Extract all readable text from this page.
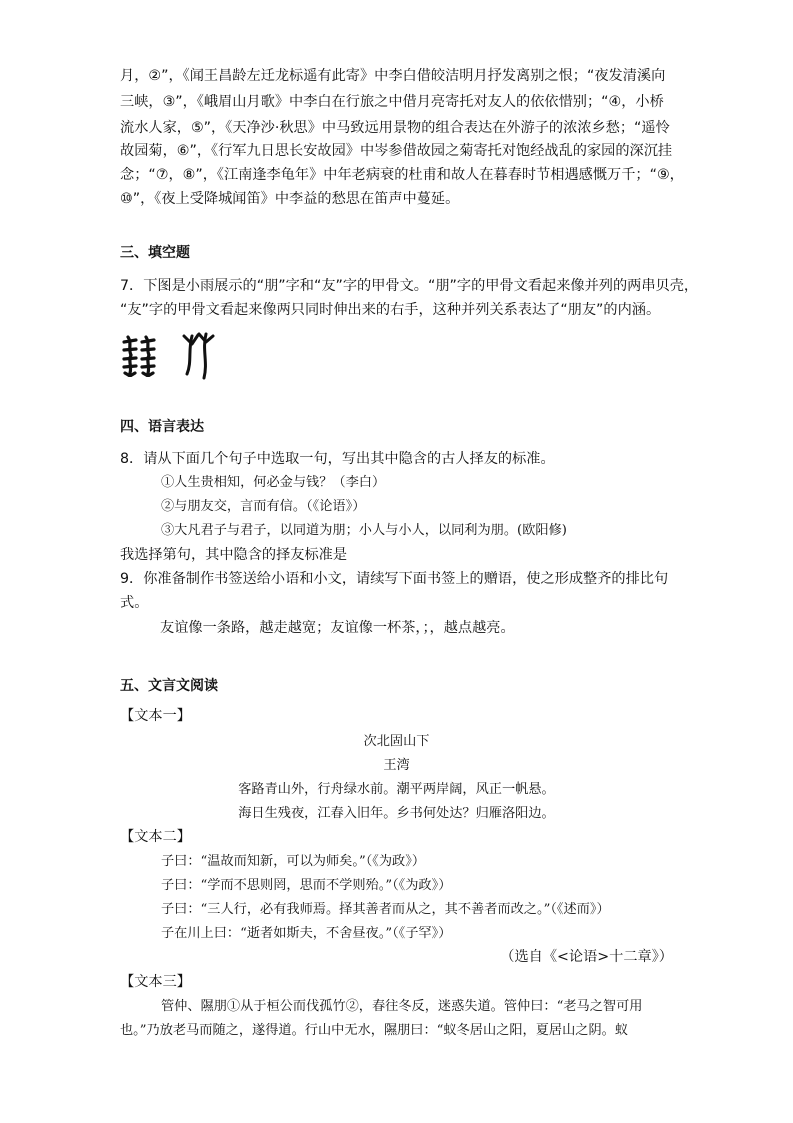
月，②”，《闻王昌龄左迁龙标遥有此寄》中李白借皎洁明月抒发离别之恨；“夜发清溪向
三峡，③”，《峨眉山月歌》中李白在行旅之中借月亮寄托对友人的依依惜别；“④，小桥
流水人家，⑤”，《天净沙·秋思》中马致远用景物的组合表达在外游子的浓浓乡愁；“遥怜
故园菊，⑥”，《行军九日思长安故园》中岑参借故园之菊寄托对饱经战乱的家园的深沉挂
念；“⑦，⑧”，《江南逢李龟年》中年老病衰的杜甫和故人在暮春时节相遇感慨万千；“⑨，
⑩”，《夜上受降城闻笛》中李益的愁思在笛声中蔓延。
三、填空题
7．下图是小雨展示的“朋”字和“友”字的甲骨文。“朋”字的甲骨文看起来像并列的两串贝壳，
“友”字的甲骨文看起来像两只同时伸出来的右手，这种并列关系表达了“朋友”的内涵。
四、语言表达
8．请从下面几个句子中选取一句，写出其中隐含的古人择友的标准。
①人生贵相知，何必金与钱？（李白）
②与朋友交，言而有信。（《论语》）
③大凡君子与君子，以同道为朋；小人与小人，以同利为朋。(欧阳修)
我选择第句，其中隐含的择友标准是
9．你准备制作书签送给小语和小文，请续写下面书签上的赠语，使之形成整齐的排比句
式。
友谊像一条路，越走越宽；友谊像一杯茶，；，越点越亮。
五、文言文阅读
【文本一】
次北固山下
王湾
客路青山外，行舟绿水前。潮平两岸阔，风正一帆悬。
海日生残夜，江春入旧年。乡书何处达？归雁洛阳边。
【文本二】
子曰：“温故而知新，可以为师矣。”（《为政》）
子曰：“学而不思则罔，思而不学则殆。”（《为政》）
子曰：“三人行，必有我师焉。择其善者而从之，其不善者而改之。”（《述而》）
子在川上曰：“逝者如斯夫，不舍昼夜。”（《子罕》）
（选自《<论语>十二章》）
【文本三】
管仲、隰朋①从于桓公而伐孤竹②，春往冬反，迷惑失道。管仲曰：“老马之智可用
也。”乃放老马而随之，遂得道。行山中无水，隰朋曰：“蚁冬居山之阳，夏居山之阴。蚁
